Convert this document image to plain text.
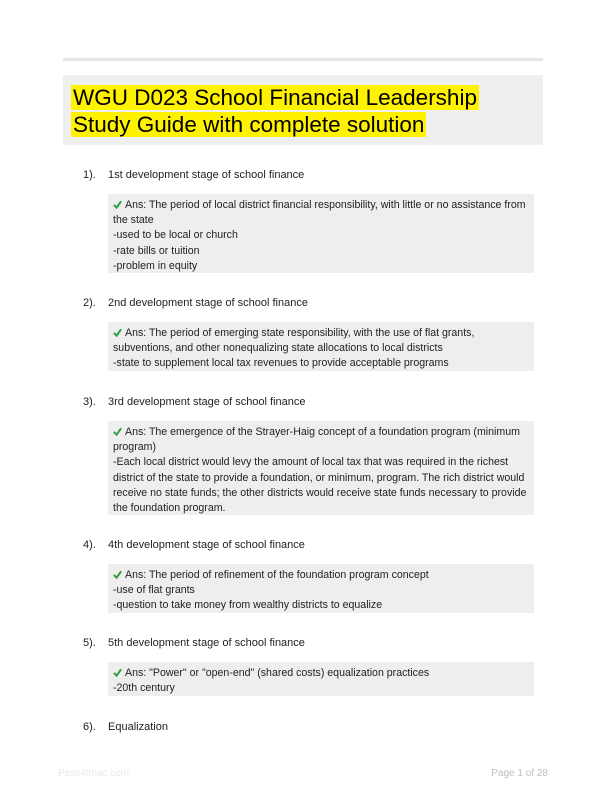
WGU D023 School Financial Leadership Study Guide with complete solution
1). 1st development stage of school finance
Ans: The period of local district financial responsibility, with little or no assistance from the state
-used to be local or church
-rate bills or tuition
-problem in equity
2). 2nd development stage of school finance
Ans: The period of emerging state responsibility, with the use of flat grants, subventions, and other nonequalizing state allocations to local districts
-state to supplement local tax revenues to provide acceptable programs
3). 3rd development stage of school finance
Ans: The emergence of the Strayer-Haig concept of a foundation program (minimum program)
-Each local district would levy the amount of local tax that was required in the richest district of the state to provide a foundation, or minimum, program. The rich district would receive no state funds; the other districts would receive state funds necessary to provide the foundation program.
4). 4th development stage of school finance
Ans: The period of refinement of the foundation program concept
-use of flat grants
-question to take money from wealthy districts to equalize
5). 5th development stage of school finance
Ans: "Power" or "open-end" (shared costs) equalization practices
-20th century
6). Equalization
Pass4tmac.com	Page 1 of 28
